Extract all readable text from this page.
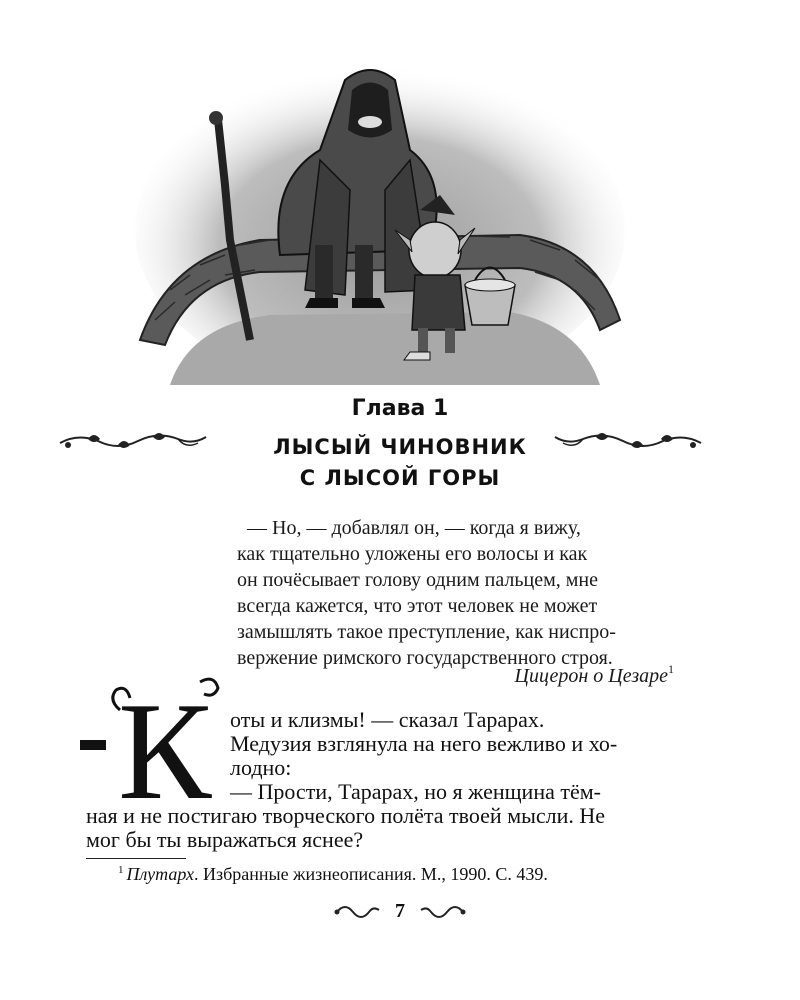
Глава 1
ЛЫСЫЙ ЧИНОВНИК
С ЛЫСОЙ ГОРЫ
— Но, — добавлял он, — когда я вижу,
как тщательно уложены его волосы и как
он почёсывает голову одним пальцем, мне
всегда кажется, что этот человек не может
замышлять такое преступление, как ниспро-
вержение римского государственного строя.
Цицерон о Цезаре$^1$
К оты и клизмы! — сказал Тарарах.
Медузия взглянула на него вежливо и хо-
лодно:
— Прости, Тарарах, но я женщина тём-
ная и не постигаю творческого полёта твоей мысли. Не
мог бы ты выражаться яснее?
$^1$ Плутарх. Избранные жизнеописания. М., 1990. С. 439.
7
